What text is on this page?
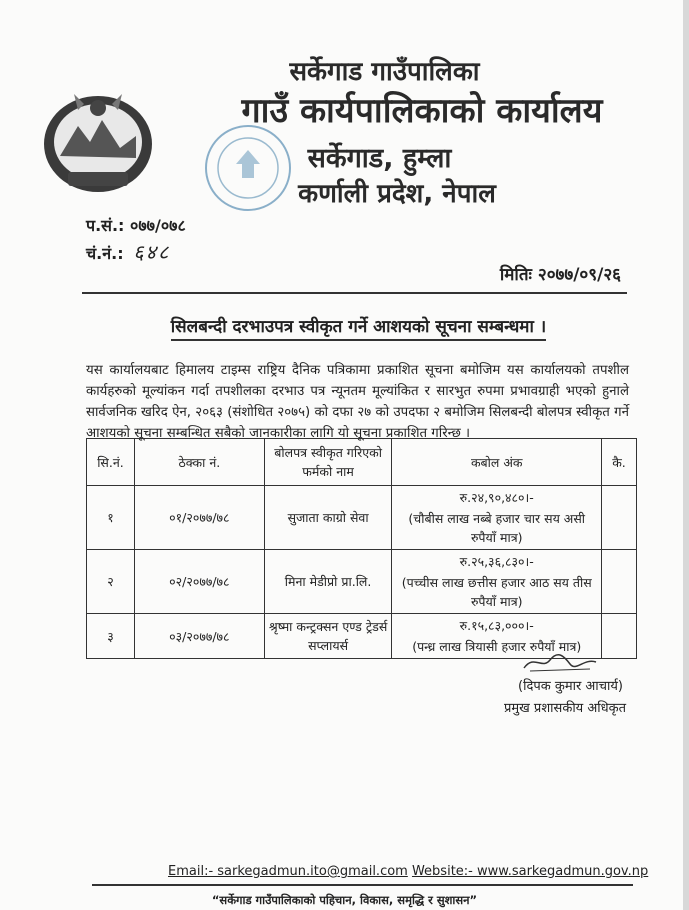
सर्केगाड गाउँपालिका
गाउँ कार्यपालिकाको कार्यालय
सर्केगाड, हुम्ला
कर्णाली प्रदेश, नेपाल
प.सं.: ०७७/०७८
चं.नं.: ६४८
मितिः २०७७/०९/२६
सिलबन्दी दरभाउपत्र स्वीकृत गर्ने आशयको सूचना सम्बन्धमा ।
यस कार्यालयबाट हिमालय टाइम्स राष्ट्रिय दैनिक पत्रिकामा प्रकाशित सूचना बमोजिम यस कार्यालयको तपशील कार्यहरुको मूल्यांकन गर्दा तपशीलका दरभाउ पत्र न्यूनतम मूल्यांकित र सारभुत रुपमा प्रभावग्राही भएको हुनाले सार्वजनिक खरिद ऐन, २०६३ (संशोधित २०७५) को दफा २७ को उपदफा २ बमोजिम सिलबन्दी बोलपत्र स्वीकृत गर्ने आशयको सूचना सम्बन्धित सबैको जानकारीका लागि यो सूचना प्रकाशित गरिन्छ ।
सि.नं.	ठेक्का नं.	बोलपत्र स्वीकृत गरिएको फर्मको नाम	कबोल अंक	कै.
१	०१/२०७७/७८	सुजाता काग्रो सेवा	रु.२४,९०,४८०।-
(चौबीस लाख नब्बे हजार चार सय असी रुपैयाँ मात्र)	

२	०२/२०७७/७८	मिना मेडीप्रो प्रा.लि.	रु.२५,३६,८३०।-
(पच्चीस लाख छत्तीस हजार आठ सय तीस रुपैयाँ मात्र)	

३	०३/२०७७/७८	श्रृष्मा कन्ट्रक्सन एण्ड ट्रेडर्स सप्लायर्स	रु.१५,८३,०००।-
(पन्ध्र लाख त्रियासी हजार रुपैयाँ मात्र)	

(दिपक कुमार आचार्य)
प्रमुख प्रशासकीय अधिकृत
Email:- sarkegadmun.ito@gmail.com Website:- www.sarkegadmun.gov.np
“सर्केगाड गाउँपालिकाको पहिचान, विकास, समृद्धि र सुशासन”
